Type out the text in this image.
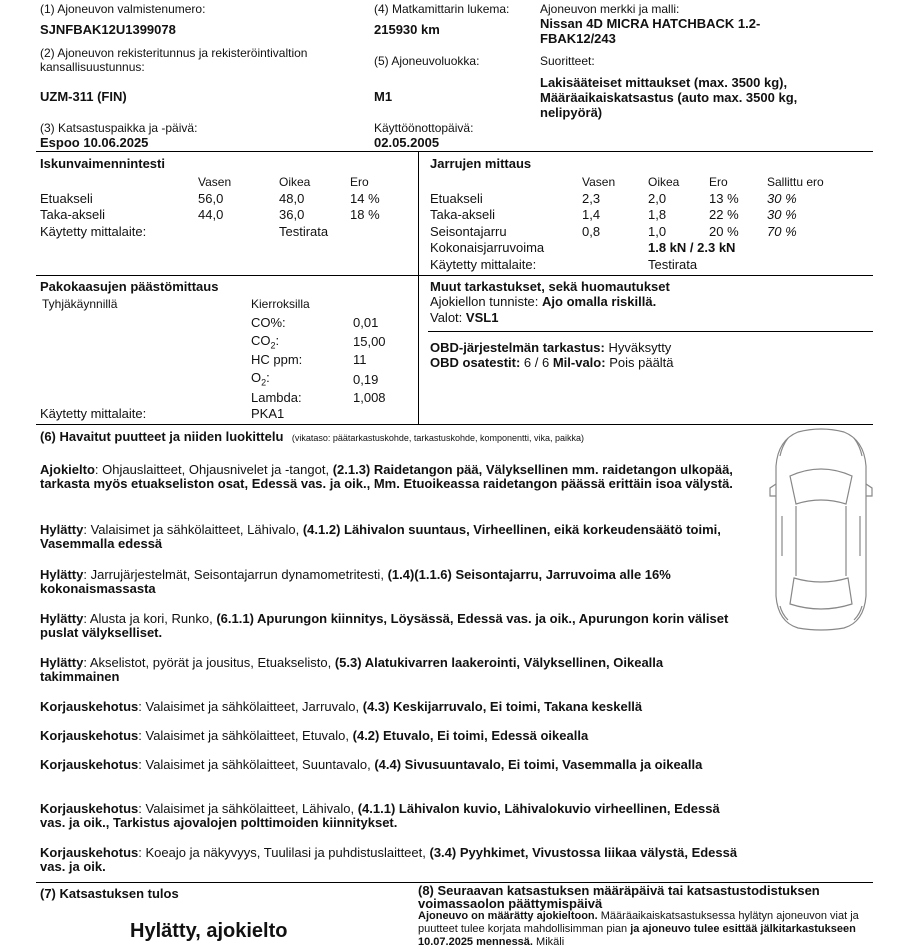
(1) Ajoneuvon valmistenumero:
SJNFBAK12U1399078
(4) Matkamittarin lukema:
215930 km
Ajoneuvon merkki ja malli:
Nissan 4D MICRA HATCHBACK 1.2-FBAK12/243
(2) Ajoneuvon rekisteritunnus ja rekisteröintivaltion
kansallisuustunnus:
UZM-311 (FIN)
(5) Ajoneuvoluokka:
M1
Suoritteet:
Lakisääteiset mittaukset (max. 3500 kg), Määräaikaiskatsastus (auto max. 3500 kg, nelipyörä)
(3) Katsastuspaikka ja -päivä:
Espoo 10.06.2025
Käyttöönottopäivä:
02.05.2005
Iskunvaimennintesti
Vasen	Oikea	Ero
Etuakseli	56,0	48,0	14 %
Taka-akseli	44,0	36,0	18 %
Käytetty mittalaite:	Testirata
Jarrujen mittaus
Vasen	Oikea Ero	Sallittu ero
Etuakseli	2,3	2,0	13 % 30 %
Taka-akseli	1,4	1,8	22 % 30 %
Seisontajarru	0,8	1,0	20 % 70 %
Kokonaisjarruvoima	1.8 kN / 2.3 kN
Käytetty mittalaite:	Testirata
Pakokaasujen päästömittaus
Tyhjäkäynnillä	Kierroksilla
CO%:	0,01
$CO_2$:	15,00
HC ppm:	11
$O_2$:	0,19
Lambda:	1,008
Käytetty mittalaite:	PKA1
Muut tarkastukset, sekä huomautukset
Ajokiellon tunniste: Ajo omalla riskillä.
Valot: VSL1
OBD-järjestelmän tarkastus: Hyväksytty
OBD osatestit: 6 / 6 Mil-valo: Pois päältä
(6) Havaitut puutteet ja niiden luokittelu (vikataso: päätarkastuskohde, tarkastuskohde, komponentti, vika, paikka)
Ajokielto: Ohjauslaitteet, Ohjausnivelet ja -tangot, (2.1.3) Raidetangon pää, Välyksellinen mm. raidetangon ulkopää, tarkasta myös etuakseliston osat, Edessä vas. ja oik., Mm. Etuoikeassa raidetangon päässä erittäin isoa välystä.
Hylätty: Valaisimet ja sähkölaitteet, Lähivalo, (4.1.2) Lähivalon suuntaus, Virheellinen, eikä korkeudensäätö toimi, Vasemmalla edessä
Hylätty: Jarrujärjestelmät, Seisontajarrun dynamometritesti, (1.4)(1.1.6) Seisontajarru, Jarruvoima alle 16% kokonaismassasta
Hylätty: Alusta ja kori, Runko, (6.1.1) Apurungon kiinnitys, Löysässä, Edessä vas. ja oik., Apurungon korin väliset puslat välykselliset.
Hylätty: Akselistot, pyörät ja jousitus, Etuakselisto, (5.3) Alatukivarren laakerointi, Välyksellinen, Oikealla takimmainen
Korjauskehotus: Valaisimet ja sähkölaitteet, Jarruvalo, (4.3) Keskijarruvalo, Ei toimi, Takana keskellä
Korjauskehotus: Valaisimet ja sähkölaitteet, Etuvalo, (4.2) Etuvalo, Ei toimi, Edessä oikealla
Korjauskehotus: Valaisimet ja sähkölaitteet, Suuntavalo, (4.4) Sivusuuntavalo, Ei toimi, Vasemmalla ja oikealla
Korjauskehotus: Valaisimet ja sähkölaitteet, Lähivalo, (4.1.1) Lähivalon kuvio, Lähivalokuvio virheellinen, Edessä vas. ja oik., Tarkistus ajovalojen polttimoiden kiinnitykset.
Korjauskehotus: Koeajo ja näkyvyys, Tuulilasi ja puhdistuslaitteet, (3.4) Pyyhkimet, Vivustossa liikaa välystä, Edessä vas. ja oik.
(7) Katsastuksen tulos
Hylätty, ajokielto
(8) Seuraavan katsastuksen määräpäivä tai katsastustodistuksen voimassaolon päättymispäivä
Ajoneuvo on määrätty ajokieltoon. Määräaikaiskatsastuksessa hylätyn ajoneuvon viat ja puutteet tulee korjata mahdollisimman pian ja ajoneuvo tulee esittää jälkitarkastukseen 10.07.2025 mennessä. Mikäli
